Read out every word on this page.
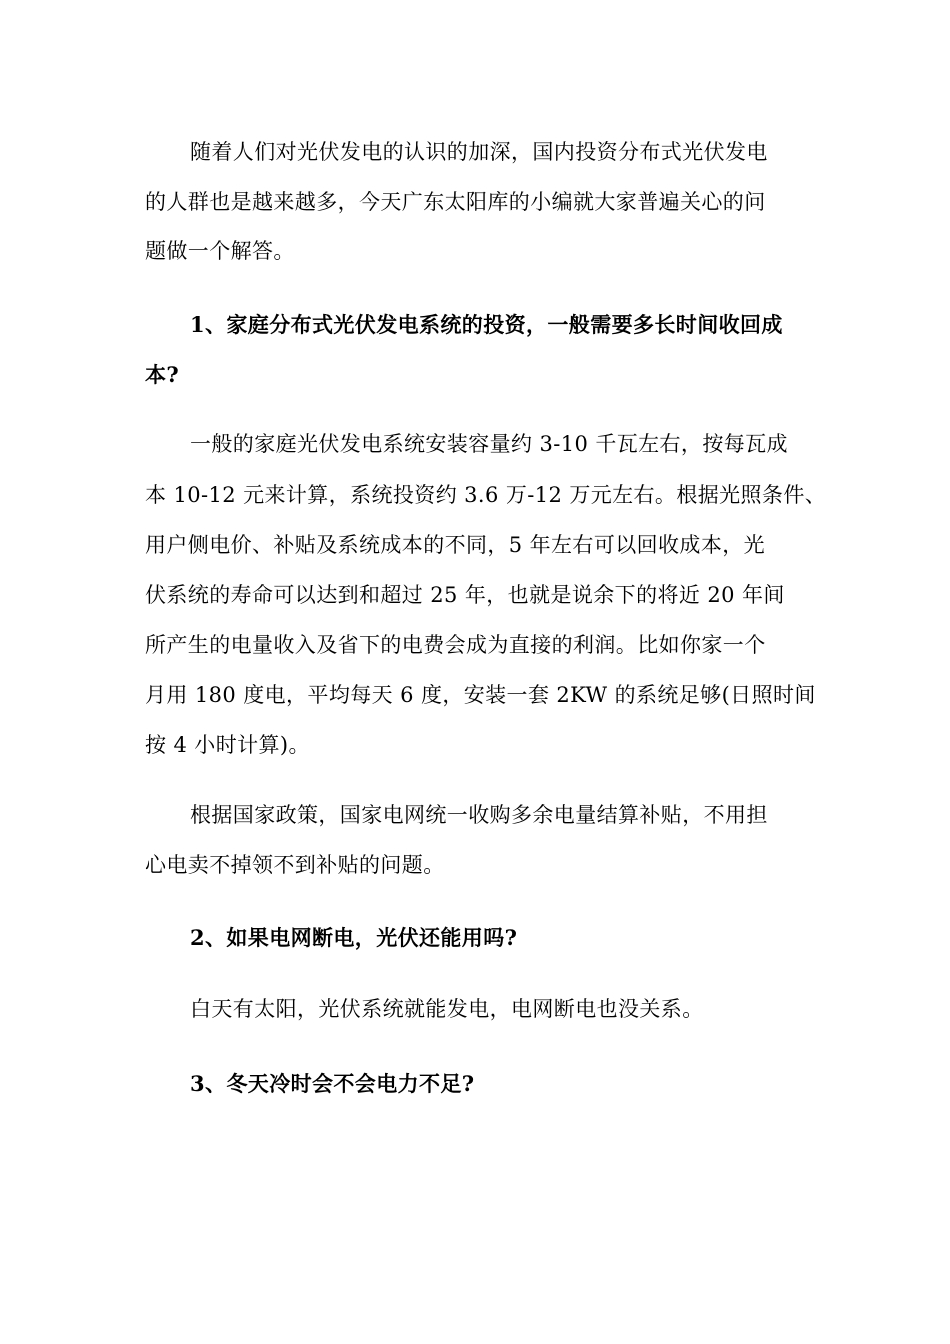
随着人们对光伏发电的认识的加深，国内投资分布式光伏发电
的人群也是越来越多，今天广东太阳库的小编就大家普遍关心的问
题做一个解答。
1、家庭分布式光伏发电系统的投资，一般需要多长时间收回成
本?
一般的家庭光伏发电系统安装容量约 3-10 千瓦左右，按每瓦成
本 10-12 元来计算，系统投资约 3.6 万-12 万元左右。根据光照条件、
用户侧电价、补贴及系统成本的不同，5 年左右可以回收成本，光
伏系统的寿命可以达到和超过 25 年，也就是说余下的将近 20 年间
所产生的电量收入及省下的电费会成为直接的利润。比如你家一个
月用 180 度电，平均每天 6 度，安装一套 2KW 的系统足够(日照时间
按 4 小时计算)。
根据国家政策，国家电网统一收购多余电量结算补贴，不用担
心电卖不掉领不到补贴的问题。
2、如果电网断电，光伏还能用吗?
白天有太阳，光伏系统就能发电，电网断电也没关系。
3、冬天冷时会不会电力不足?
